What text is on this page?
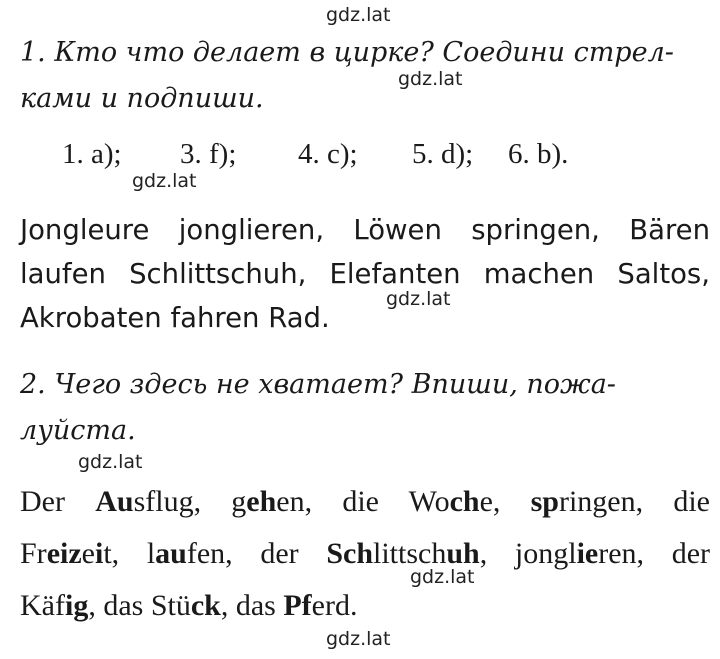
gdz.lat
gdz.lat
gdz.lat
gdz.lat
gdz.lat
gdz.lat
gdz.lat
1. Кто что делает в цирке? Соедини стрел-
ками и подпиши.
1. a);	3. f);	4. c);	5. d);	6. b).
Jongleure jonglieren, Löwen springen, Bären
laufen Schlittschuh, Elefanten machen Saltos,
Akrobaten fahren Rad.
2. Чего здесь не хватает? Впиши, пожа-
луйста.
Der Ausflug, gehen, die Woche, springen, die
Freizeit, laufen, der Schlittschuh, jonglieren, der
Käfig, das Stück, das Pferd.
